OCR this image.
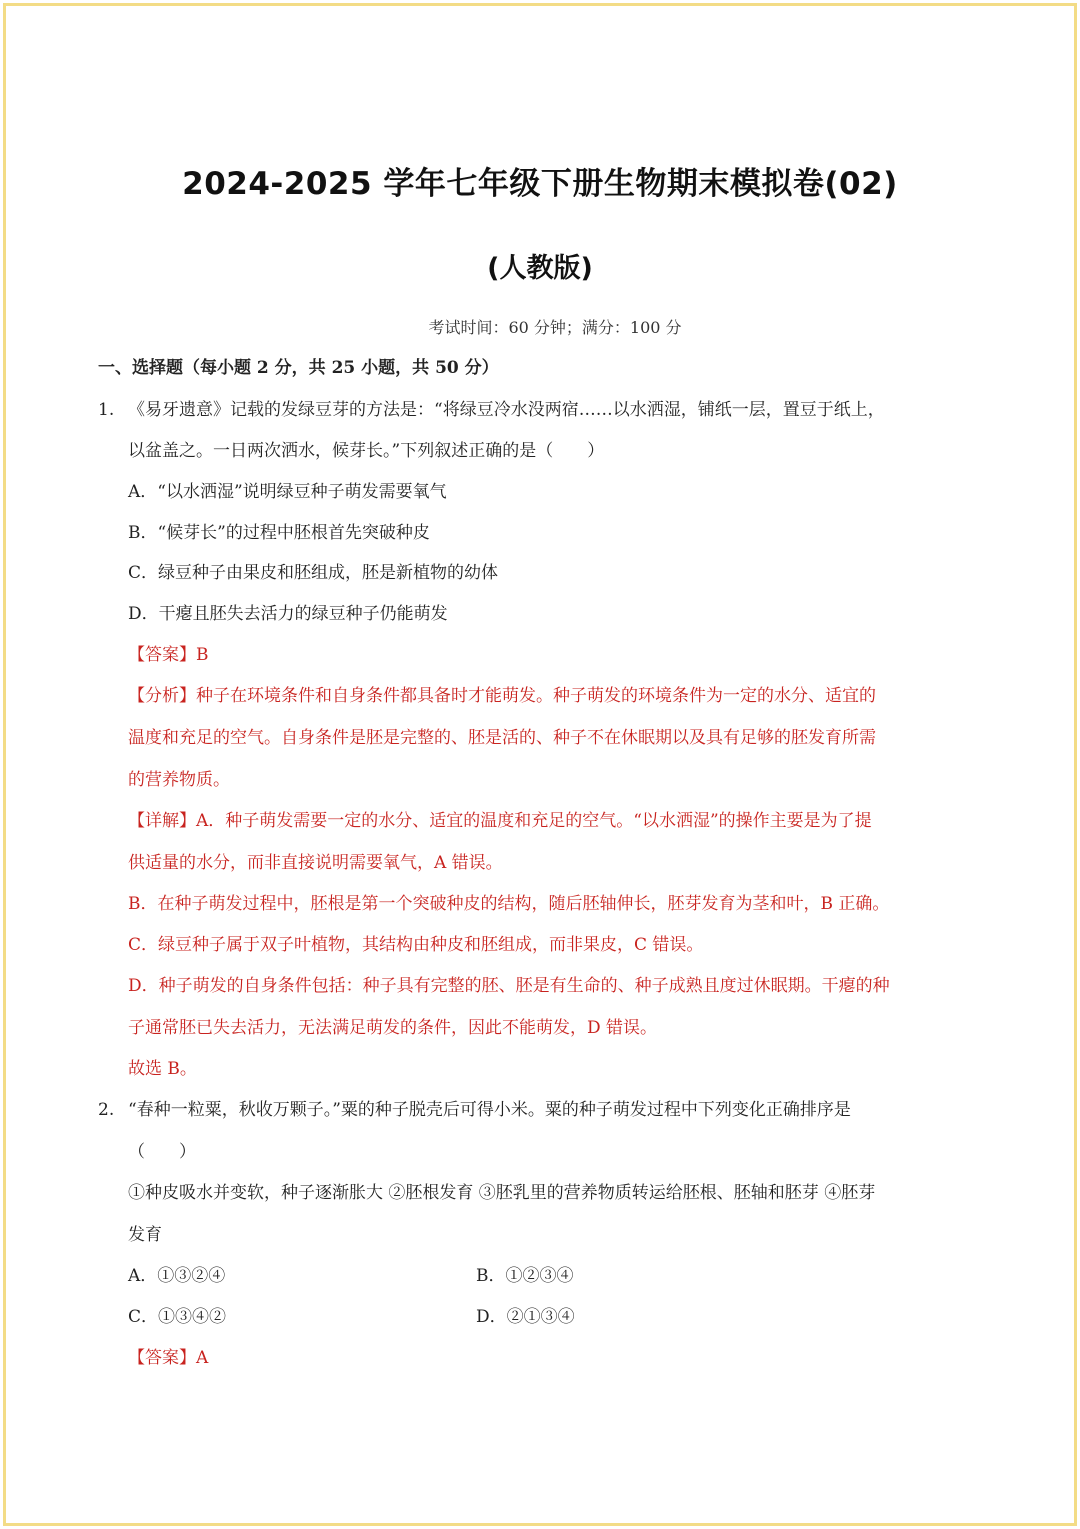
2024-2025 学年七年级下册生物期末模拟卷(02)
(人教版)
考试时间：60 分钟；满分：100 分
一、选择题（每小题 2 分，共 25 小题，共 50 分）
1. 《易牙遗意》记载的发绿豆芽的方法是：“将绿豆冷水没两宿……以水洒湿，铺纸一层，置豆于纸上，
以盆盖之。一日两次洒水，候芽长。”下列叙述正确的是（　　）
A．“以水洒湿”说明绿豆种子萌发需要氧气
B．“候芽长”的过程中胚根首先突破种皮
C．绿豆种子由果皮和胚组成，胚是新植物的幼体
D．干瘪且胚失去活力的绿豆种子仍能萌发
【答案】B
【分析】种子在环境条件和自身条件都具备时才能萌发。种子萌发的环境条件为一定的水分、适宜的
温度和充足的空气。自身条件是胚是完整的、胚是活的、种子不在休眠期以及具有足够的胚发育所需
的营养物质。
【详解】A．种子萌发需要一定的水分、适宜的温度和充足的空气。“以水洒湿”的操作主要是为了提
供适量的水分，而非直接说明需要氧气，A 错误。
B．在种子萌发过程中，胚根是第一个突破种皮的结构，随后胚轴伸长，胚芽发育为茎和叶，B 正确。
C．绿豆种子属于双子叶植物，其结构由种皮和胚组成，而非果皮，C 错误。
D．种子萌发的自身条件包括：种子具有完整的胚、胚是有生命的、种子成熟且度过休眠期。干瘪的种
子通常胚已失去活力，无法满足萌发的条件，因此不能萌发，D 错误。
故选 B。
2. “春种一粒粟，秋收万颗子。”粟的种子脱壳后可得小米。粟的种子萌发过程中下列变化正确排序是
（　　）
①种皮吸水并变软，种子逐渐胀大 ②胚根发育 ③胚乳里的营养物质转运给胚根、胚轴和胚芽 ④胚芽
发育
A．①③②④	B．①②③④
C．①③④②	D．②①③④
【答案】A
